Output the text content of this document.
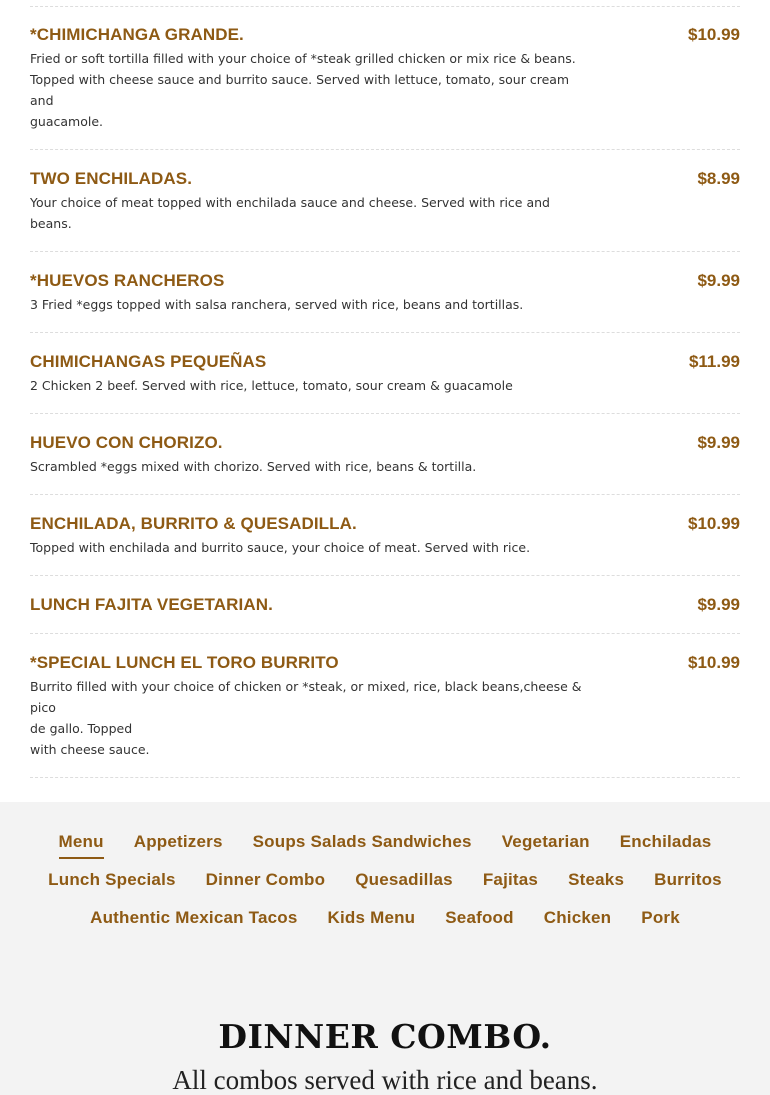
*CHIMICHANGA GRANDE.	$10.99
Fried or soft tortilla filled with your choice of *steak grilled chicken or mix rice & beans.
Topped with cheese sauce and burrito sauce. Served with lettuce, tomato, sour cream and
guacamole.
TWO ENCHILADAS.	$8.99
Your choice of meat topped with enchilada sauce and cheese. Served with rice and beans.
*HUEVOS RANCHEROS	$9.99
3 Fried *eggs topped with salsa ranchera, served with rice, beans and tortillas.
CHIMICHANGAS PEQUEÑAS	$11.99
2 Chicken 2 beef. Served with rice, lettuce, tomato, sour cream & guacamole
HUEVO CON CHORIZO.	$9.99
Scrambled *eggs mixed with chorizo. Served with rice, beans & tortilla.
ENCHILADA, BURRITO & QUESADILLA.	$10.99
Topped with enchilada and burrito sauce, your choice of meat. Served with rice.
LUNCH FAJITA VEGETARIAN.	$9.99
*SPECIAL LUNCH EL TORO BURRITO	$10.99
Burrito filled with your choice of chicken or *steak, or mixed, rice, black beans,cheese & pico
de gallo. Topped
with cheese sauce.
Menu Appetizers Soups Salads Sandwiches Vegetarian Enchiladas
Lunch Specials Dinner Combo Quesadillas Fajitas Steaks Burritos
Authentic Mexican Tacos Kids Menu Seafood Chicken Pork
DINNER COMBO.

All combos served with rice and beans.
